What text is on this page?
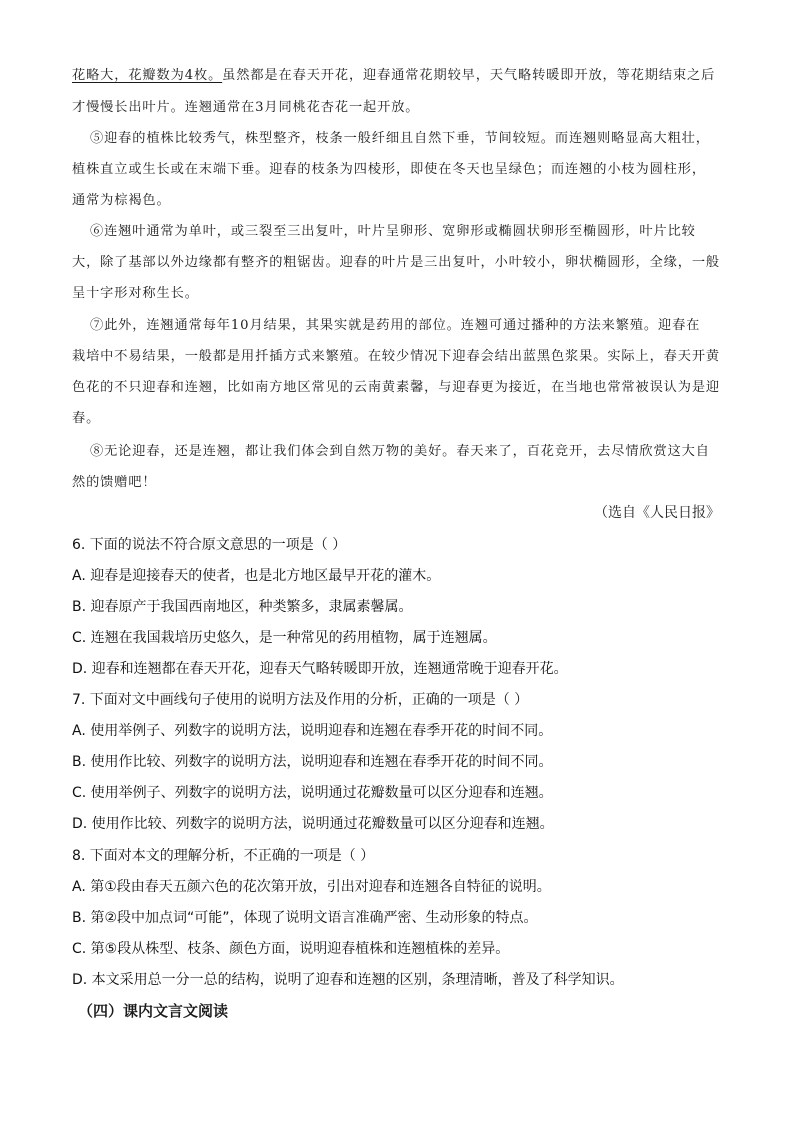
花略大，花瓣数为4枚。虽然都是在春天开花，迎春通常花期较早，天气略转暖即开放，等花期结束之后
才慢慢长出叶片。连翘通常在3月同桃花杏花一起开放。
⑤迎春的植株比较秀气，株型整齐，枝条一般纤细且自然下垂，节间较短。而连翘则略显高大粗壮，
植株直立或生长或在末端下垂。迎春的枝条为四棱形，即使在冬天也呈绿色；而连翘的小枝为圆柱形，
通常为棕褐色。
⑥连翘叶通常为单叶，或三裂至三出复叶，叶片呈卵形、宽卵形或椭圆状卵形至椭圆形，叶片比较
大，除了基部以外边缘都有整齐的粗锯齿。迎春的叶片是三出复叶，小叶较小，卵状椭圆形，全缘，一般
呈十字形对称生长。
⑦此外，连翘通常每年10月结果，其果实就是药用的部位。连翘可通过播种的方法来繁殖。迎春在
栽培中不易结果，一般都是用扦插方式来繁殖。在较少情况下迎春会结出蓝黑色浆果。实际上，春天开黄
色花的不只迎春和连翘，比如南方地区常见的云南黄素馨，与迎春更为接近，在当地也常常被误认为是迎
春。
⑧无论迎春，还是连翘，都让我们体会到自然万物的美好。春天来了，百花竞开，去尽情欣赏这大自
然的馈赠吧！
（选自《人民日报》
6. 下面的说法不符合原文意思的一项是（ ）
A. 迎春是迎接春天的使者，也是北方地区最早开花的灌木。
B. 迎春原产于我国西南地区，种类繁多，隶属素馨属。
C. 连翘在我国栽培历史悠久，是一种常见的药用植物，属于连翘属。
D. 迎春和连翘都在春天开花，迎春天气略转暖即开放，连翘通常晚于迎春开花。
7. 下面对文中画线句子使用的说明方法及作用的分析，正确的一项是（ ）
A. 使用举例子、列数字的说明方法，说明迎春和连翘在春季开花的时间不同。
B. 使用作比较、列数字的说明方法，说明迎春和连翘在春季开花的时间不同。
C. 使用举例子、列数字的说明方法，说明通过花瓣数量可以区分迎春和连翘。
D. 使用作比较、列数字的说明方法，说明通过花瓣数量可以区分迎春和连翘。
8. 下面对本文的理解分析，不正确的一项是（ ）
A. 第①段由春天五颜六色的花次第开放，引出对迎春和连翘各自特征的说明。
B. 第②段中加点词“可能”，体现了说明文语言准确严密、生动形象的特点。
C. 第⑤段从株型、枝条、颜色方面，说明迎春植株和连翘植株的差异。
D. 本文采用总一分一总的结构，说明了迎春和连翘的区别，条理清晰，普及了科学知识。
（四）课内文言文阅读
